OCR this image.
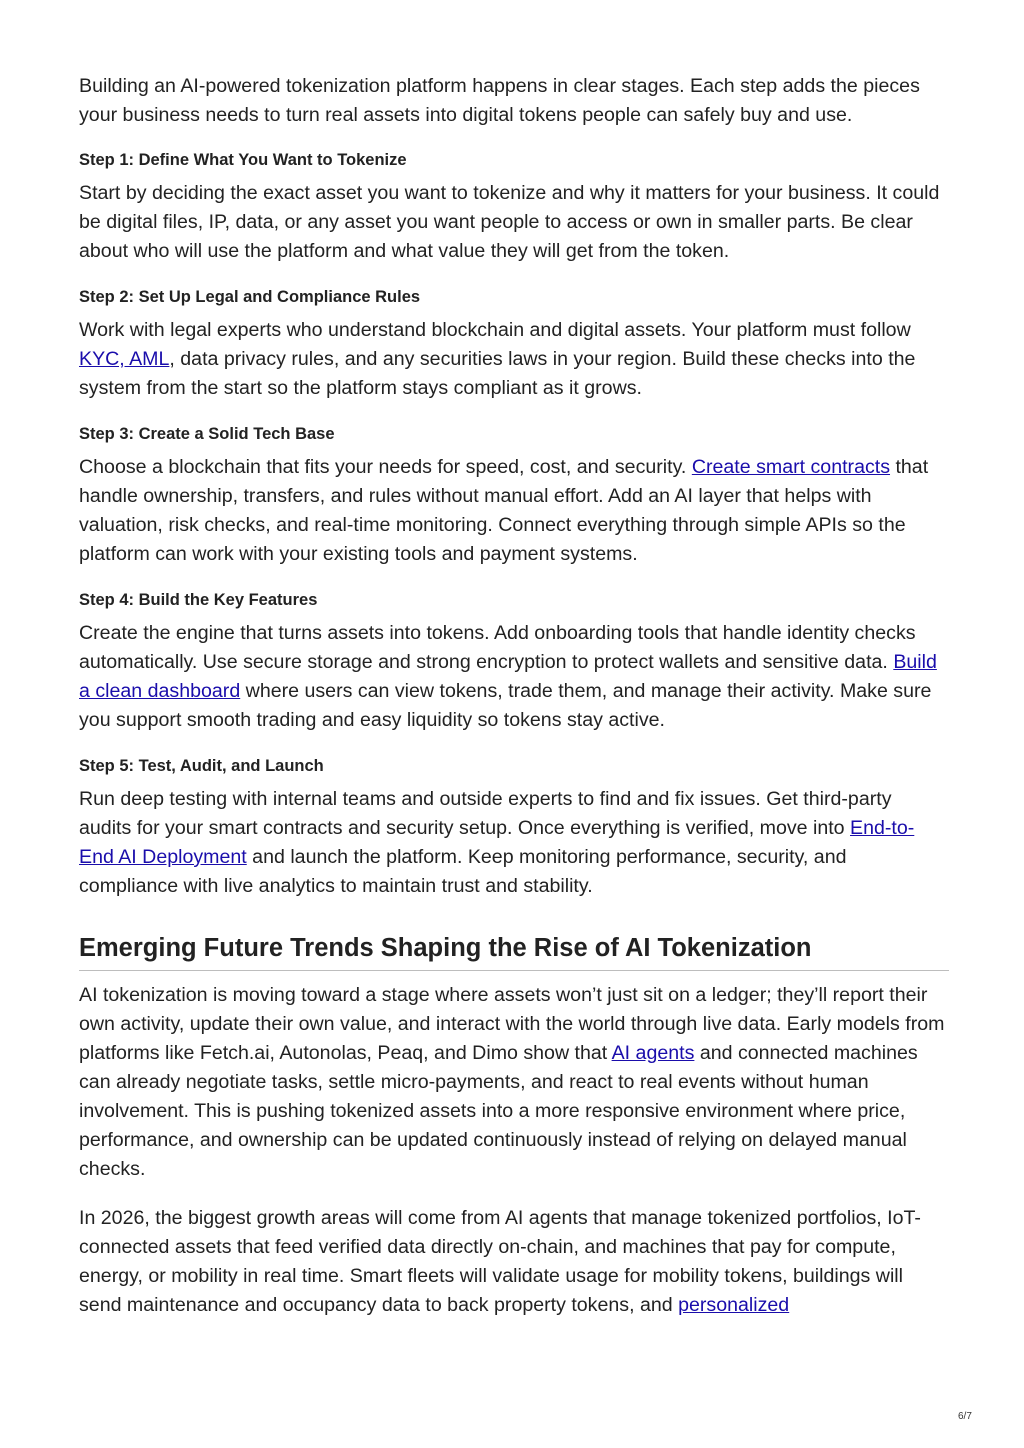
Building an AI-powered tokenization platform happens in clear stages. Each step adds the pieces your business needs to turn real assets into digital tokens people can safely buy and use.

Step 1: Define What You Want to Tokenize

Start by deciding the exact asset you want to tokenize and why it matters for your business. It could be digital files, IP, data, or any asset you want people to access or own in smaller parts. Be clear about who will use the platform and what value they will get from the token.

Step 2: Set Up Legal and Compliance Rules

Work with legal experts who understand blockchain and digital assets. Your platform must follow KYC, AML, data privacy rules, and any securities laws in your region. Build these checks into the system from the start so the platform stays compliant as it grows.

Step 3: Create a Solid Tech Base

Choose a blockchain that fits your needs for speed, cost, and security. Create smart contracts that handle ownership, transfers, and rules without manual effort. Add an AI layer that helps with valuation, risk checks, and real-time monitoring. Connect everything through simple APIs so the platform can work with your existing tools and payment systems.

Step 4: Build the Key Features

Create the engine that turns assets into tokens. Add onboarding tools that handle identity checks automatically. Use secure storage and strong encryption to protect wallets and sensitive data. Build a clean dashboard where users can view tokens, trade them, and manage their activity. Make sure you support smooth trading and easy liquidity so tokens stay active.

Step 5: Test, Audit, and Launch

Run deep testing with internal teams and outside experts to find and fix issues. Get third-party audits for your smart contracts and security setup. Once everything is verified, move into End-to-End AI Deployment and launch the platform. Keep monitoring performance, security, and compliance with live analytics to maintain trust and stability.

Emerging Future Trends Shaping the Rise of AI Tokenization

AI tokenization is moving toward a stage where assets won’t just sit on a ledger; they’ll report their own activity, update their own value, and interact with the world through live data. Early models from platforms like Fetch.ai, Autonolas, Peaq, and Dimo show that AI agents and connected machines can already negotiate tasks, settle micro-payments, and react to real events without human involvement. This is pushing tokenized assets into a more responsive environment where price, performance, and ownership can be updated continuously instead of relying on delayed manual checks.

In 2026, the biggest growth areas will come from AI agents that manage tokenized portfolios, IoT-connected assets that feed verified data directly on-chain, and machines that pay for compute, energy, or mobility in real time. Smart fleets will validate usage for mobility tokens, buildings will send maintenance and occupancy data to back property tokens, and personalized

6/7
